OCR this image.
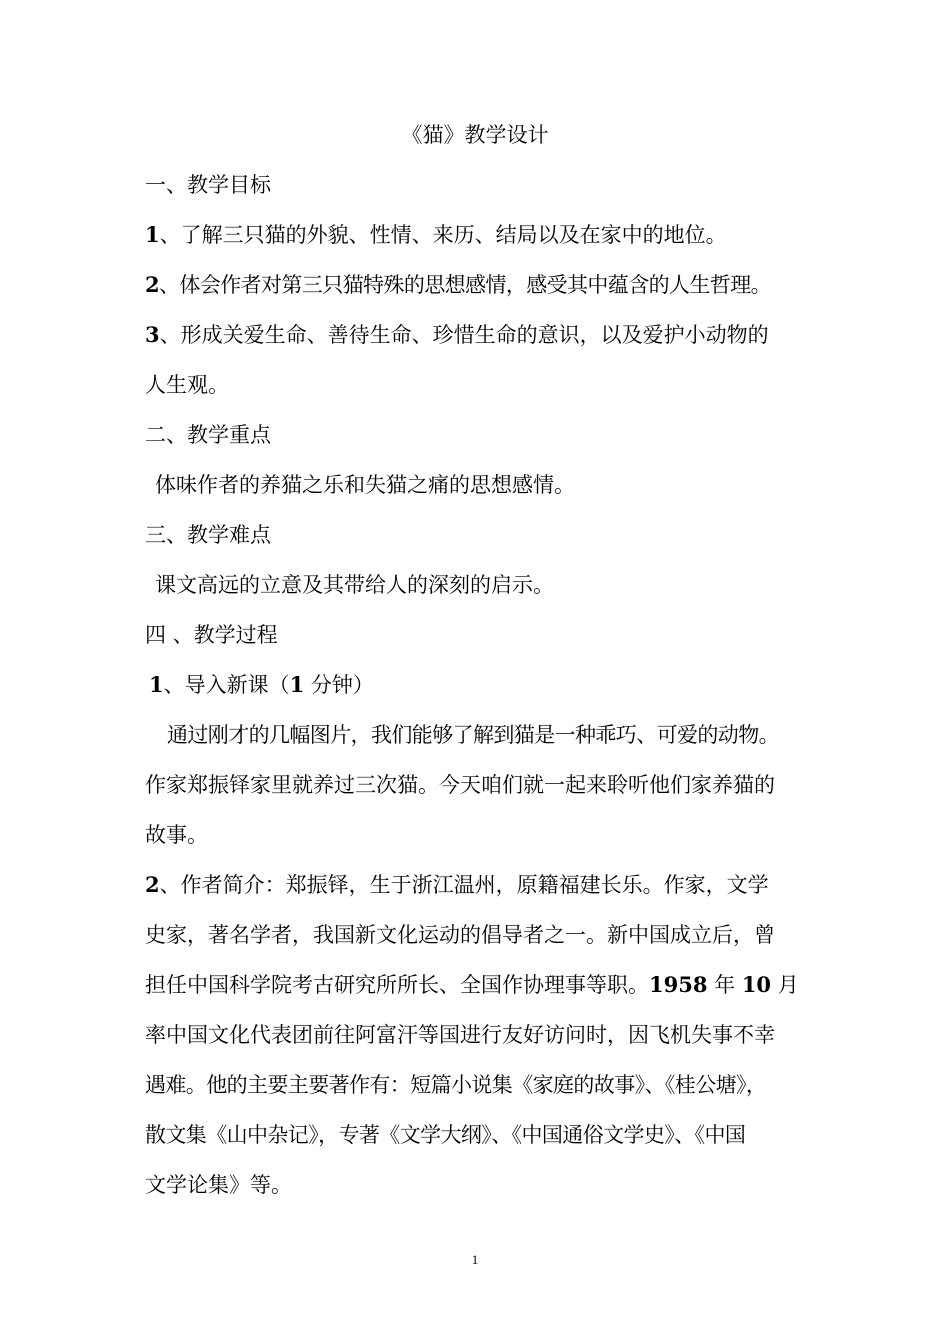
《猫》教学设计
一、教学目标
1、了解三只猫的外貌、性情、来历、结局以及在家中的地位。
2、体会作者对第三只猫特殊的思想感情，感受其中蕴含的人生哲理。
3、形成关爱生命、善待生命、珍惜生命的意识，以及爱护小动物的
人生观。
二、教学重点
体味作者的养猫之乐和失猫之痛的思想感情。
三、教学难点
课文高远的立意及其带给人的深刻的启示。
四 、教学过程
1、导入新课（1 分钟）
通过刚才的几幅图片，我们能够了解到猫是一种乖巧、可爱的动物。
作家郑振铎家里就养过三次猫。今天咱们就一起来聆听他们家养猫的
故事。
2、作者简介：郑振铎，生于浙江温州，原籍福建长乐。作家，文学
史家，著名学者，我国新文化运动的倡导者之一。新中国成立后，曾
担任中国科学院考古研究所所长、全国作协理事等职。1958 年 10 月
率中国文化代表团前往阿富汗等国进行友好访问时，因飞机失事不幸
遇难。他的主要主要著作有：短篇小说集《家庭的故事》、《桂公塘》，
散文集《山中杂记》，专著《文学大纲》、《中国通俗文学史》、《中国
文学论集》等。
1
